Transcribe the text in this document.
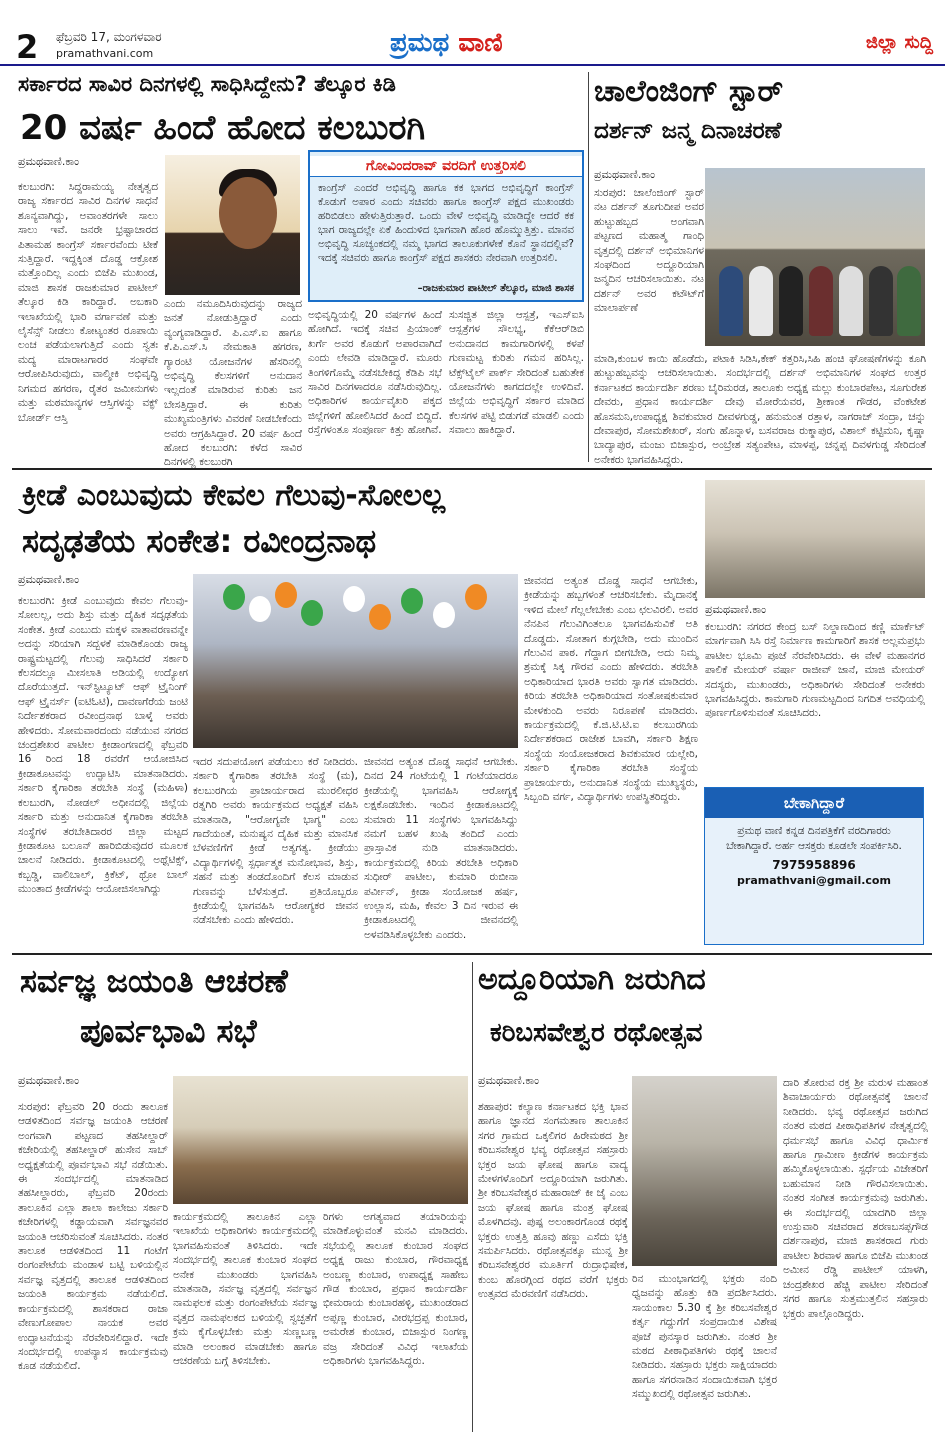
2 ಫೆಬ್ರವರಿ 17, ಮಂಗಳವಾರ
pramathvani.com	ಪ್ರಮಥ ವಾಣಿ	ಜಿಲ್ಲಾ ಸುದ್ದಿ
ಸರ್ಕಾರದ ಸಾವಿರ ದಿನಗಳಲ್ಲಿ ಸಾಧಿಸಿದ್ದೇನು? ತೆಲ್ಕೂರ ಕಿಡಿ
20 ವರ್ಷ ಹಿಂದೆ ಹೋದ ಕಲಬುರಗಿ
ಪ್ರಮಥವಾಣಿ.ಕಾಂ
ಕಲಬುರಗಿ: ಸಿದ್ದರಾಮಯ್ಯ ನೇತೃತ್ವದ ರಾಜ್ಯ ಸರ್ಕಾರದ ಸಾವಿರ ದಿನಗಳ ಸಾಧನೆ ಶೂನ್ಯವಾಗಿದ್ದು, ಅವಾಂತರಗಳೇ ಸಾಲು ಸಾಲು ಇವೆ. ಜನರೇ ಭ್ರಷ್ಟಾಚಾರದ ಪಿತಾಮಹ ಕಾಂಗ್ರೆಸ್ ಸರ್ಕಾರವೆಂದು ಟೀಕೆ ಸುತ್ತಿದ್ದಾರೆ. ಇದ್ದಕ್ಕಿಂತ ದೊಡ್ಡ ಆಕ್ರೋಶ ಮತ್ತೊಂದಿಲ್ಲ ಎಂದು ಬಿಜೆಪಿ ಮುಖಂಡ, ಮಾಜಿ ಶಾಸಕ ರಾಜಕುಮಾರ ಪಾಟೀಲ್ ತೆಲ್ಕೂರ ಕಿಡಿ ಕಾರಿದ್ದಾರೆ. ಅಬಕಾರಿ ಇಲಾಖೆಯಲ್ಲಿ ಭಾರಿ ವರ್ಗಾವಣೆ ಮತ್ತು ಲೈಸೆನ್ಸ್ ನೀಡಲು ಕೋಟ್ಯಂತರ ರೂಪಾಯಿ ಲಂಚ ಪಡೆಯಲಾಗುತ್ತಿದೆ ಎಂದು ಸ್ವತಃ ಮದ್ಯ ಮಾರಾಟಗಾರರ ಸಂಘವೇ ಆರೋಪಿಸಿರುವುದು, ವಾಲ್ಮೀಕಿ ಅಭಿವೃದ್ಧಿ ನಿಗಮದ ಹಗರಣ, ರೈತರ ಜಮೀನುಗಳು ಮತ್ತು ಮಠಮಾನ್ಯಗಳ ಆಸ್ತಿಗಳನ್ನು ವಕ್ಫ್ ಬೋರ್ಡ್ ಆಸ್ತಿ
ಎಂದು ನಮೂದಿಸಿರುವುದನ್ನು ರಾಜ್ಯದ ಜನತೆ ನೋಡುತ್ತಿದ್ದಾರೆ ಎಂದು ವ್ಯಂಗ್ಯವಾಡಿದ್ದಾರೆ. ಪಿ.ಎಸ್.ಐ ಹಾಗೂ ಕೆ.ಪಿ.ಎಸ್.ಸಿ ನೇಮಕಾತಿ ಹಗರಣ, ಗ್ಯಾರಂಟಿ ಯೋಜನೆಗಳ ಹೆಸರಿನಲ್ಲಿ ಅಭಿವೃದ್ಧಿ ಕೆಲಸಗಳಿಗೆ ಅನುದಾನ ಇಲ್ಲದಂತೆ ಮಾಡಿರುವ ಕುರಿತು ಜನ ಬೇಸತ್ತಿದ್ದಾರೆ. ಈ ಕುರಿತು ಮುಖ್ಯಮಂತ್ರಿಗಳು ವಿವರಣೆ ನೀಡಬೇಕೆಂದು ಅವರು ಆಗ್ರಹಿಸಿದ್ದಾರೆ. 20 ವರ್ಷ ಹಿಂದೆ ಹೋದ ಕಲಬುರಗಿ: ಕಳೆದ ಸಾವಿರ ದಿನಗಳಲ್ಲಿ ಕಲಬುರಗಿ
ಗೋವಿಂದರಾವ್ ವರದಿಗೆ ಉತ್ತರಿಸಲಿ
ಕಾಂಗ್ರೆಸ್ ಎಂದರೆ ಅಭಿವೃದ್ಧಿ ಹಾಗೂ ಕಕ ಭಾಗದ ಅಭಿವೃದ್ಧಿಗೆ ಕಾಂಗ್ರೆಸ್ ಕೊಡುಗೆ ಅಪಾರ ಎಂದು ಸಚಿವರು ಹಾಗೂ ಕಾಂಗ್ರೆಸ್ ಪಕ್ಷದ ಮುಖಂಡರು ಹರಿಬಿಡಲು ಹೇಳುತ್ತಿರುತ್ತಾರೆ. ಒಂದು ವೇಳೆ ಅಭಿವೃದ್ಧಿ ಮಾಡಿದ್ದೇ ಆದರೆ ಕಕ ಭಾಗ ರಾಜ್ಯದಲ್ಲೇ ಏಕೆ ಹಿಂದುಳಿದ ಭಾಗವಾಗಿ ಹೊರ ಹೊಮ್ಮುತ್ತಿತ್ತು. ಮಾನವ ಅಭಿವೃದ್ಧಿ ಸೂಚ್ಯಂಕದಲ್ಲಿ ನಮ್ಮ ಭಾಗದ ತಾಲೂಕುಗಳೇಕೆ ಕೊನೆ ಸ್ಥಾನದಲ್ಲಿವೆ? ಇದಕ್ಕೆ ಸಚಿವರು ಹಾಗೂ ಕಾಂಗ್ರೆಸ್ ಪಕ್ಷದ ಶಾಸಕರು ನೇರವಾಗಿ ಉತ್ತರಿಸಲಿ.
–ರಾಜಕುಮಾರ ಪಾಟೀಲ್ ತೆಲ್ಕೂರ, ಮಾಜಿ ಶಾಸಕ
ಅಭಿವೃದ್ಧಿಯಲ್ಲಿ 20 ವರ್ಷಗಳ ಹಿಂದೆ ಹೋಗಿದೆ. ಇದಕ್ಕೆ ಸಚಿವ ಪ್ರಿಯಾಂಕ್ ಖರ್ಗೆ ಅವರ ಕೊಡುಗೆ ಅಪಾರವಾಗಿದೆ ಎಂದು ಲೇವಡಿ ಮಾಡಿದ್ದಾರೆ. ಮೂರು ತಿಂಗಳಿಗೊಮ್ಮೆ ನಡೆಸಬೇಕಿದ್ದ ಕೆಡಿಪಿ ಸಭೆ ಸಾವಿರ ದಿನಗಳಾದರೂ ನಡೆಸಿರುವುದಿಲ್ಲ. ಅಧಿಕಾರಿಗಳ ಕಾರ್ಯವೈಖರಿ ಪಕ್ಕದ ಜಿಲ್ಲೆಗಳಿಗೆ ಹೋಲಿಸಿದರೆ ಹಿಂದೆ ಬಿದ್ದಿದೆ. ರಸ್ತೆಗಳಂತೂ ಸಂಪೂರ್ಣ ಕಿತ್ತು ಹೋಗಿವೆ.
ಸುಸಜ್ಜಿತ ಜಿಲ್ಲಾ ಆಸ್ಪತ್ರೆ, ಇಎಸ್ಐಸಿ ಆಸ್ಪತ್ರೆಗಳ ಸೌಲಭ್ಯ, ಕೆಕೆಆರ್‌ಡಿಬಿ ಅನುದಾನದ ಕಾಮಗಾರಿಗಳಲ್ಲಿ ಕಳಪೆ ಗುಣಮಟ್ಟ ಕುರಿತು ಗಮನ ಹರಿಸಿಲ್ಲ. ಟೆಕ್ಸ್‌ಟೈಲ್ ಪಾರ್ಕ್ ಸೇರಿದಂತೆ ಬಹುತೇಕ ಯೋಜನೆಗಳು ಕಾಗದದಲ್ಲೇ ಉಳಿದಿವೆ. ಜಿಲ್ಲೆಯ ಅಭಿವೃದ್ಧಿಗೆ ಸರ್ಕಾರ ಮಾಡಿದ ಕೆಲಸಗಳ ಪಟ್ಟಿ ಬಿಡುಗಡೆ ಮಾಡಲಿ ಎಂದು ಸವಾಲು ಹಾಕಿದ್ದಾರೆ.
ಚಾಲೆಂಜಿಂಗ್ ಸ್ಟಾರ್
ದರ್ಶನ್ ಜನ್ಮ ದಿನಾಚರಣೆ
ಪ್ರಮಥವಾಣಿ.ಕಾಂ
ಸುರಪುರ: ಚಾಲೆಂಜಿಂಗ್ ಸ್ಟಾರ್ ನಟ ದರ್ಶನ್ ತೂಗುದೀಪ ಅವರ ಹುಟ್ಟುಹಬ್ಬದ ಅಂಗವಾಗಿ ಪಟ್ಟಣದ ಮಹಾತ್ಮ ಗಾಂಧಿ ವೃತ್ತದಲ್ಲಿ ದರ್ಶನ್ ಅಭಿಮಾನಿಗಳ ಸಂಘದಿಂದ ಅದ್ದೂರಿಯಾಗಿ ಜನ್ಮದಿನ ಆಚರಿಸಲಾಯಿತು. ನಟ ದರ್ಶನ್ ಅವರ ಕಟೌಟ್‌ಗೆ ಮಾಲಾರ್ಪಣೆ
ಮಾಡಿ,ಕುಂಬಳ ಕಾಯಿ ಹೊಡೆದು, ಪಟಾಕಿ ಸಿಡಿಸಿ,ಕೇಕ್ ಕತ್ತರಿಸಿ,ಸಿಹಿ ಹಂಚಿ ಘೋಷಣೆಗಳನ್ನು ಕೂಗಿ ಹುಟ್ಟುಹಬ್ಬವನ್ನು ಆಚರಿಸಲಾಯಿತು. ಸಂದರ್ಭದಲ್ಲಿ ದರ್ಶನ್ ಅಭಿಮಾನಿಗಳ ಸಂಘದ ಉತ್ತರ ಕರ್ನಾಟಕದ ಕಾರ್ಯದರ್ಶಿ ಶರಣು ಬೈರಿಮರಡ, ತಾಲೂಕು ಅಧ್ಯಕ್ಷ ಮಲ್ಲು ಕುಂಬಾರಪೇಟ, ಸೂಗುರೇಶ ದೇವರು, ಪ್ರಧಾನ ಕಾರ್ಯದರ್ಶಿ ದೇವು ಮೋರೆಯವರ, ಶ್ರೀಕಾಂತ ಗೌಡರ, ವೆಂಕಟೇಶ ಹೊಸಮನಿ,ಉಪಾಧ್ಯಕ್ಷ ಶಿವಕುಮಾರ ದೀವಳಗುಡ್ಡ, ಹನುಮಂತ ರತ್ತಾಳ, ನಾಗರಾಜ್ ಸಂದ್ರಾ, ಚನ್ನು ದೇವಾಪುರ, ಸೋಮಶೇಖರ್, ಸಂಗು ಹೊನ್ನಾಳ, ಬಸವರಾಜ ರುಕ್ಮಾಪುರ, ವಿಶಾಲ್ ಕಟ್ಟಿಮನಿ, ಕೃಷ್ಣಾ ಬಾದ್ಯಾಪುರ, ಮಂಜು ಬಿಜಾಸ್ಪುರ, ಅಂಬ್ರೇಶ ಸತ್ಯಂಪೇಟ, ಮಾಳಪ್ಪ, ಚನ್ನಪ್ಪ ದಿವಳಗುಡ್ಡ ಸೇರಿದಂತೆ ಅನೇಕರು ಭಾಗವಹಿಸಿದ್ದರು.
ಕ್ರೀಡೆ ಎಂಬುವುದು ಕೇವಲ ಗೆಲುವು-ಸೋಲಲ್ಲ
ಸದೃಢತೆಯ ಸಂಕೇತ: ರವೀಂದ್ರನಾಥ
ಪ್ರಮಥವಾಣಿ.ಕಾಂ
ಕಲಬುರಗಿ: ಕ್ರೀಡೆ ಎಂಬುವುದು ಕೇವಲ ಗೆಲುವು-ಸೋಲಲ್ಲ, ಅದು ಶಿಸ್ತು ಮತ್ತು ದೈಹಿಕ ಸದೃಢತೆಯ ಸಂಕೇತ. ಕ್ರೀಡೆ ಎಂಬುದು ಮಕ್ಕಳ ವಾತಾವರಣವನ್ನೇ ಅದನ್ನು ಸರಿಯಾಗಿ ಸದ್ಬಳಕೆ ಮಾಡಿಕೊಂಡು ರಾಜ್ಯ ರಾಷ್ಟ್ರಮಟ್ಟದಲ್ಲಿ ಗೆಲುವು ಸಾಧಿಸಿದರೆ ಸರ್ಕಾರಿ ಕೆಲಸದಲ್ಲೂ ಮೀಸಲಾತಿ ಅಡಿಯಲ್ಲಿ ಉದ್ಯೋಗ ದೊರೆಯುತ್ತದೆ. ಇನ್‌ಸ್ಟಿಟ್ಯೂಟ್ ಆಫ್ ಟ್ರೈನಿಂಗ್ ಆಫ್ ಟ್ರೈನರ್ಸ್ (ಐಟಿಓಟಿ), ದಾವಣಗೆರೆಯ ಜಂಟಿ ನಿರ್ದೇಶಕರಾದ ರವೀಂದ್ರನಾಥ ಬಾಳ್ಕೆ ಅವರು ಹೇಳಿದರು. ಸೋಮವಾರದಂದು ನಡೆಯುವ ನಗರದ ಚಂದ್ರಶೇಖರ ಪಾಟೀಲ ಕ್ರೀಡಾಂಗಣದಲ್ಲಿ ಫೆಬ್ರವರಿ 16 ರಿಂದ 18 ರವರೆಗೆ ಆಯೋಜಿಸಿದ ಕ್ರೀಡಾಕೂಟವನ್ನು ಉದ್ಘಾಟಿಸಿ ಮಾತನಾಡಿದರು. ಸರ್ಕಾರಿ ಕೈಗಾರಿಕಾ ತರಬೇತಿ ಸಂಸ್ಥೆ (ಮಹಿಳಾ) ಕಲಬುರಗಿ, ನೋಡಲ್ ಅಧೀನದಲ್ಲಿ ಜಿಲ್ಲೆಯ ಸರ್ಕಾರಿ ಮತ್ತು ಅನುದಾನಿತ ಕೈಗಾರಿಕಾ ತರಬೇತಿ ಸಂಸ್ಥೆಗಳ ತರಬೇತಿದಾರರ ಜಿಲ್ಲಾ ಮಟ್ಟದ ಕ್ರೀಡಾಕೂಟ ಬಲೂನ್ ಹಾರಿಬಿಡುವುದರ ಮೂಲಕ ಚಾಲನೆ ನೀಡಿದರು. ಕ್ರೀಡಾಕೂಟದಲ್ಲಿ ಅಥ್ಲೆಟಿಕ್ಸ್, ಕಬ್ಬಡ್ಡಿ, ವಾಲಿಬಾಲ್, ಕ್ರಿಕೆಟ್, ಥ್ರೋ ಬಾಲ್ ಮುಂತಾದ ಕ್ರೀಡೆಗಳನ್ನು ಆಯೋಜಿಸಲಾಗಿದ್ದು
ಇದರ ಸದುಪಯೋಗ ಪಡೆಯಲು ಕರೆ ನೀಡಿದರು. ಸರ್ಕಾರಿ ಕೈಗಾರಿಕಾ ತರಬೇತಿ ಸಂಸ್ಥೆ (ಮ), ಕಲಬುರಗಿಯ ಪ್ರಾಚಾರ್ಯರಾದ ಮುರಲೀಧರ ರತ್ನಗಿರಿ ಅವರು ಕಾರ್ಯಕ್ರಮದ ಅಧ್ಯಕ್ಷತೆ ವಹಿಸಿ ಮಾತನಾಡಿ, "ಆರೋಗ್ಯವೇ ಭಾಗ್ಯ" ಎಂಬ ಗಾದೆಯಂತೆ, ಮನುಷ್ಯನ ದೈಹಿಕ ಮತ್ತು ಮಾನಸಿಕ ಬೆಳವಣಿಗೆಗೆ ಕ್ರೀಡೆ ಅತ್ಯಗತ್ಯ. ಕ್ರೀಡೆಯು ವಿದ್ಯಾರ್ಥಿಗಳಲ್ಲಿ ಸ್ಪರ್ಧಾತ್ಮಕ ಮನೋಭಾವ, ಶಿಸ್ತು, ಸಹನೆ ಮತ್ತು ತಂಡದೊಂದಿಗೆ ಕೆಲಸ ಮಾಡುವ ಗುಣವನ್ನು ಬೆಳೆಸುತ್ತದೆ. ಪ್ರತಿಯೊಬ್ಬರೂ ಕ್ರೀಡೆಯಲ್ಲಿ ಭಾಗವಹಿಸಿ ಆರೋಗ್ಯಕರ ಜೀವನ ನಡೆಸಬೇಕು ಎಂದು ಹೇಳಿದರು.
ಜೀವನದ ಅತ್ಯಂತ ದೊಡ್ಡ ಸಾಧನೆ ಆಗಬೇಕು. ದಿನದ 24 ಗಂಟೆಯಲ್ಲಿ 1 ಗಂಟೆಯಾದರೂ ಕ್ರೀಡೆಯಲ್ಲಿ ಭಾಗವಹಿಸಿ ಆರೋಗ್ಯಕ್ಕೆ ಲಕ್ಷಕೊಡಬೇಕು. ಇಂದಿನ ಕ್ರೀಡಾಕೂಟದಲ್ಲಿ ಸುಮಾರು 11 ಸಂಸ್ಥೆಗಳು ಭಾಗವಹಿಸಿದ್ದು ನಮಗೆ ಬಹಳ ಖುಷಿ ತಂದಿದೆ ಎಂದು ಪ್ರಾಸ್ತಾವಿಕ ನುಡಿ ಮಾತನಾಡಿದರು. ಕಾರ್ಯಕ್ರಮದಲ್ಲಿ ಕಿರಿಯ ತರಬೇತಿ ಅಧಿಕಾರಿ ಸುಧೀರ್ ಪಾಟೀಲ, ಕುಮಾರಿ ರುಬೀನಾ ಪರ್ವೀನ್, ಕ್ರೀಡಾ ಸಂಯೋಜಕ ಹರ್ಷ, ಉಲ್ಲಾಸ, ಮಹಿ, ಕೇವಲ 3 ದಿನ ಇರುವ ಈ ಕ್ರೀಡಾಕೂಟದಲ್ಲಿ ಜೀವನದಲ್ಲಿ ಅಳವಡಿಸಿಕೊಳ್ಳಬೇಕು ಎಂದರು.
ಜೀವನದ ಅತ್ಯಂತ ದೊಡ್ಡ ಸಾಧನೆ ಆಗಬೇಕು, ಕ್ರೀಡೆಯನ್ನು ಹಬ್ಬಗಳಂತೆ ಆಚರಿಸಬೇಕು. ಮೈದಾನಕ್ಕೆ ಇಳಿದ ಮೇಲೆ ಗೆಲ್ಲಲೇಬೇಕು ಎಂಬ ಛಲವಿರಲಿ. ಅವರ ನೆನಪಿನ ಗೆಲುವಿಗಿಂತಲೂ ಭಾಗವಹಿಸುವಿಕೆ ಅತಿ ದೊಡ್ಡದು. ಸೋತಾಗ ಕುಗ್ಗಬೇಡಿ, ಅದು ಮುಂದಿನ ಗೆಲುವಿನ ಪಾಠ. ಗೆದ್ದಾಗ ಬೀಗಬೇಡಿ, ಅದು ನಿಮ್ಮ ಶ್ರಮಕ್ಕೆ ಸಿಕ್ಕ ಗೌರವ ಎಂದು ಹೇಳಿದರು. ತರಬೇತಿ ಅಧಿಕಾರಿಯಾದ ಭಾರತಿ ಅವರು ಸ್ವಾಗತ ಮಾಡಿದರು. ಕಿರಿಯ ತರಬೇತಿ ಅಧಿಕಾರಿಯಾದ ಸಂತೋಷಕುಮಾರ ಮೇಳಕುಂದಿ ಅವರು ನಿರೂಪಣೆ ಮಾಡಿದರು. ಕಾರ್ಯಕ್ರಮದಲ್ಲಿ ಕೆ.ಜಿ.ಟಿ.ಟಿ.ಐ ಕಲಬುರಗಿಯ ನಿರ್ದೇಶಕರಾದ ರಾಜೇಶ ಬಾವಗಿ, ಸರ್ಕಾರಿ ಶಿಕ್ಷಣ ಸಂಸ್ಥೆಯ ಸಂಯೋಜಕರಾದ ಶಿವಕುಮಾರ ಯಲ್ಲೇರಿ, ಸರ್ಕಾರಿ ಕೈಗಾರಿಕಾ ತರಬೇತಿ ಸಂಸ್ಥೆಯ ಪ್ರಾಚಾರ್ಯರು, ಅನುದಾನಿತ ಸಂಸ್ಥೆಯ ಮುಖ್ಯಸ್ಥರು, ಸಿಬ್ಬಂದಿ ವರ್ಗ, ವಿದ್ಯಾರ್ಥಿಗಳು ಉಪಸ್ಥಿತರಿದ್ದರು.
ಪ್ರಮಥವಾಣಿ.ಕಾಂ
ಕಲಬುರಗಿ: ನಗರದ ಕೇಂದ್ರ ಬಸ್ ನಿಲ್ದಾಣದಿಂದ ಕಣ್ಣಿ ಮಾರ್ಕೆಟ್ ಮಾರ್ಗವಾಗಿ ಸಿಸಿ ರಸ್ತೆ ನಿರ್ಮಾಣ ಕಾಮಗಾರಿಗೆ ಶಾಸಕ ಅಲ್ಲಮಪ್ರಭು ಪಾಟೀಲ ಭೂಮಿ ಪೂಜೆ ನೆರವೇರಿಸಿದರು. ಈ ವೇಳೆ ಮಹಾನಗರ ಪಾಲಿಕೆ ಮೇಯರ್ ವರ್ಷಾ ರಾಜೀವ್ ಜಾನೆ, ಮಾಜಿ ಮೇಯರ್ ಸದಸ್ಯರು, ಮುಖಂಡರು, ಅಧಿಕಾರಿಗಳು ಸೇರಿದಂತೆ ಅನೇಕರು ಭಾಗವಹಿಸಿದ್ದರು. ಕಾಮಗಾರಿ ಗುಣಮಟ್ಟದಿಂದ ನಿಗದಿತ ಅವಧಿಯಲ್ಲಿ ಪೂರ್ಣಗೊಳಿಸುವಂತೆ ಸೂಚಿಸಿದರು.
ಬೇಕಾಗಿದ್ದಾರೆ
ಪ್ರಮಥ ವಾಣಿ ಕನ್ನಡ ದಿನಪತ್ರಿಕೆಗೆ ವರದಿಗಾರರು ಬೇಕಾಗಿದ್ದಾರೆ. ಅರ್ಹ ಆಸಕ್ತರು ಕೂಡಲೇ ಸಂಪರ್ಕಿಸಿರಿ.
7975958896
pramathvani@gmail.com
ಸರ್ವಜ್ಞ ಜಯಂತಿ ಆಚರಣೆ
ಪೂರ್ವಭಾವಿ ಸಭೆ
ಪ್ರಮಥವಾಣಿ.ಕಾಂ
ಸುರಪುರ: ಫೆಬ್ರವರಿ 20 ರಂದು ತಾಲೂಕ ಆಡಳಿತದಿಂದ ಸರ್ವಜ್ಞ ಜಯಂತಿ ಆಚರಣೆ ಅಂಗವಾಗಿ ಪಟ್ಟಣದ ತಹಸೀಲ್ದಾರ್ ಕಚೇರಿಯಲ್ಲಿ ತಹಸೀಲ್ದಾರ್ ಹುಸೇನ ಸಾಬ್ ಅಧ್ಯಕ್ಷತೆಯಲ್ಲಿ ಪೂರ್ವಭಾವಿ ಸಭೆ ನಡೆಯಿತು. ಈ ಸಂದರ್ಭದಲ್ಲಿ ಮಾತನಾಡಿದ ತಹಸೀಲ್ದಾರರು, ಫೆಬ್ರವರಿ 20ರಂದು ತಾಲೂಕಿನ ಎಲ್ಲಾ ಶಾಲಾ ಕಾಲೇಜು ಸರ್ಕಾರಿ ಕಚೇರಿಗಳಲ್ಲಿ ಕಡ್ಡಾಯವಾಗಿ ಸರ್ವಜ್ಞನವರ ಜಯಂತಿ ಆಚರಿಸುವಂತೆ ಸೂಚಿಸಿದರು. ನಂತರ ತಾಲೂಕ ಆಡಳಿತದಿಂದ 11 ಗಂಟೆಗೆ ರಂಗಂಪೇಟೆಯ ಮಂಡಾಳ ಬಟ್ಟಿ ಬಳಿಯಲ್ಲಿನ ಸರ್ವಜ್ಞ ವೃತ್ತದಲ್ಲಿ ತಾಲೂಕ ಆಡಳಿತದಿಂದ ಜಯಂತಿ ಕಾರ್ಯಕ್ರಮ ನಡೆಯಲಿದೆ. ಕಾರ್ಯಕ್ರಮದಲ್ಲಿ ಶಾಸಕರಾದ ರಾಜಾ ವೇಣುಗೋಪಾಲ ನಾಯಕ ಅವರ ಉದ್ಘಾಟನೆಯನ್ನು ನೆರವೇರಿಸಲಿದ್ದಾರೆ. ಇದೇ ಸಂದರ್ಭದಲ್ಲಿ ಉಪನ್ಯಾಸ ಕಾರ್ಯಕ್ರಮವು ಕೂಡ ನಡೆಯಲಿದೆ.
ಕಾರ್ಯಕ್ರಮದಲ್ಲಿ ತಾಲೂಕಿನ ಎಲ್ಲಾ ಇಲಾಖೆಯ ಅಧಿಕಾರಿಗಳು ಕಾರ್ಯಕ್ರಮದಲ್ಲಿ ಭಾಗವಹಿಸುವಂತೆ ತಿಳಿಸಿದರು. ಇದೇ ಸಂದರ್ಭದಲ್ಲಿ ತಾಲೂಕ ಕುಂಬಾರ ಸಂಘದ ಅನೇಕ ಮುಖಂಡರು ಭಾಗವಹಿಸಿ ಮಾತನಾಡಿ, ಸರ್ವಜ್ಞ ವೃತ್ತದಲ್ಲಿ ಸರ್ವಜ್ಞನ ನಾಮಫಲಕ ಮತ್ತು ರಂಗಂಪೇಟೆಯ ಸರ್ವಜ್ಞ ವೃತ್ತದ ನಾಮಫಲಕದ ಬಳಿಯಲ್ಲಿ ಸ್ವಚ್ಛತೆಗೆ ಕ್ರಮ ಕೈಗೊಳ್ಳಬೇಕು ಮತ್ತು ಸುಣ್ಣಬಣ್ಣ ಮಾಡಿ ಅಲಂಕಾರ ಮಾಡಬೇಕು ಹಾಗೂ ಆಚರಣೆಯ ಬಗ್ಗೆ ತಿಳಿಸಬೇಕು.
ರಿಗಳು ಅಗತ್ಯವಾದ ತಯಾರಿಯನ್ನು ಮಾಡಿಕೊಳ್ಳುವಂತೆ ಮನವಿ ಮಾಡಿದರು. ಸಭೆಯಲ್ಲಿ ತಾಲೂಕ ಕುಂಬಾರ ಸಂಘದ ಅಧ್ಯಕ್ಷ ರಾಜು ಕುಂಬಾರ, ಗೌರವಾಧ್ಯಕ್ಷ ಅಂಬಣ್ಣ ಕುಂಬಾರ, ಉಪಾಧ್ಯಕ್ಷ ಸಾಹೇಬ ಗೌಡ ಕುಂಬಾರ, ಪ್ರಧಾನ ಕಾರ್ಯದರ್ಶಿ ಭೀಮರಾಯ ಕುಂಬಾರಹಳ್ಳಿ, ಮುಖಂಡರಾದ ಅಪ್ಪಣ್ಣ ಕುಂಬಾರ, ವೀರಭದ್ರಪ್ಪ ಕುಂಬಾರ, ಅಮರೇಶ ಕುಂಬಾರ, ಬಿಜಾಸ್ಪುರ ನಿಂಗಣ್ಣ ವಜ್ರ ಸೇರಿದಂತೆ ವಿವಿಧ ಇಲಾಖೆಯ ಅಧಿಕಾರಿಗಳು ಭಾಗವಹಿಸಿದ್ದರು.
ಅದ್ದೂರಿಯಾಗಿ ಜರುಗಿದ
ಕರಿಬಸವೇಶ್ವರ ರಥೋತ್ಸವ
ಪ್ರಮಥವಾಣಿ.ಕಾಂ
ಶಹಾಪುರ: ಕಲ್ಯಾಣ ಕರ್ನಾಟಕದ ಭಕ್ತಿ ಭಾವ ಹಾಗೂ ಜ್ಞಾನದ ಸಂಗಮತಾಣ ತಾಲೂಕಿನ ಸಗರ ಗ್ರಾಮದ ಒಕ್ಕಲಿಗರ ಹಿರೇಮಠದ ಶ್ರೀ ಕರಿಬಸವೇಶ್ವರ ಭವ್ಯ ರಥೋತ್ಸವ ಸಹಸ್ರಾರು ಭಕ್ತರ ಜಯ ಘೋಷ ಹಾಗೂ ವಾದ್ಯ ಮೇಳಗಳೊಂದಿಗೆ ಅದ್ದೂರಿಯಾಗಿ ಜರುಗಿತು. ಶ್ರೀ ಕರಿಬಸವೇಶ್ವರ ಮಹಾರಾಜ್ ಕೀ ಜೈ ಎಂಬ ಜಯ ಘೋಷ ಹಾಗೂ ಮಂತ್ರ ಘೋಷ ಮೊಳಗಿದವು. ಪುಷ್ಪ ಅಲಂಕಾರಗೊಂಡ ರಥಕ್ಕೆ ಭಕ್ತರು ಉತ್ತತ್ತಿ ಹೂವು ಹಣ್ಣು ಎಸೆದು ಭಕ್ತಿ ಸಮರ್ಪಿಸಿದರು. ರಥೋತ್ಸವಕ್ಕೂ ಮುನ್ನ ಶ್ರೀ ಕರಿಬಸವೇಶ್ವರರ ಮೂರ್ತಿಗೆ ರುದ್ರಾಭಿಷೇಕ, ಕುಂಬ ಹೊರಗ್ಗಿಂದ ರಥದ ವರೆಗೆ ಭಕ್ತರು ಉತ್ಸವದ ಮೆರವಣಿಗೆ ನಡೆಸಿದರು.
ರಿನ ಮುಂಭಾಗದಲ್ಲಿ ಭಕ್ತರು ನಂದಿ ಧ್ವಜವನ್ನು ಹೊತ್ತು ಕಿಡಿ ಪ್ರದರ್ಶಿಸಿದರು. ಸಾಯಂಕಾಲ 5.30 ಕ್ಕೆ ಶ್ರೀ ಕರಿಬಸವೇಶ್ವರ ಕರ್ತೃ ಗದ್ದುಗೆಗೆ ಸಂಪ್ರದಾಯಿಕ ವಿಶೇಷ ಪೂಜೆ ಪುನಸ್ಕಾರ ಜರುಗಿತು. ನಂತರ ಶ್ರೀ ಮಠದ ಪೀಠಾಧಿಪತಿಗಳು ರಥಕ್ಕೆ ಚಾಲನೆ ನೀಡಿದರು. ಸಹಸ್ರಾರು ಭಕ್ತರು ಸಾಕ್ಷಿಯಾದರು ಹಾಗೂ ಸಗರನಾಡಿನ ಸಂದಾಯಿಕವಾಗಿ ಭಕ್ತರ ಸಮ್ಮುಖದಲ್ಲಿ ರಥೋತ್ಸವ ಜರುಗಿತು.
ದಾರಿ ತೋರುವ ರಕ್ತ ಶ್ರೀ ಮರುಳ ಮಹಾಂತ ಶಿವಾಚಾರ್ಯರು ರಥೋತ್ಸವಕ್ಕೆ ಚಾಲನೆ ನೀಡಿದರು. ಭವ್ಯ ರಥೋತ್ಸವ ಜರುಗಿದ ನಂತರ ಮಠದ ಪೀಠಾಧಿಪತಿಗಳ ನೇತೃತ್ವದಲ್ಲಿ ಧರ್ಮಸಭೆ ಹಾಗೂ ವಿವಿಧ ಧಾರ್ಮಿಕ ಹಾಗೂ ಗ್ರಾಮೀಣ ಕ್ರೀಡೆಗಳ ಕಾರ್ಯಕ್ರಮ ಹಮ್ಮಿಕೊಳ್ಳಲಾಯಿತು. ಸ್ಪರ್ಧೆಯ ವಿಜೇತರಿಗೆ ಬಹುಮಾನ ನೀಡಿ ಗೌರವಿಸಲಾಯಿತು. ನಂತರ ಸಂಗೀತ ಕಾರ್ಯಕ್ರಮವು ಜರುಗಿತು. ಈ ಸಂದರ್ಭದಲ್ಲಿ ಯಾದಗಿರಿ ಜಿಲ್ಲಾ ಉಸ್ತುವಾರಿ ಸಚಿವರಾದ ಶರಣಬಸಪ್ಪಗೌಡ ದರ್ಶನಾಪುರ, ಮಾಜಿ ಶಾಸಕರಾದ ಗುರು ಪಾಟೀಲ ಶಿರವಾಳ ಹಾಗೂ ಬಿಜೆಪಿ ಮುಖಂಡ ಅಮೀನ ರೆಡ್ಡಿ ಪಾಟೀಲ್ ಯಾಳಗಿ, ಚಂದ್ರಶೇಖರ ಹೆಚ್ಚಿ ಪಾಟೀಲ ಸೇರಿದಂತೆ ಸಗರ ಹಾಗೂ ಸುತ್ತಮುತ್ತಲಿನ ಸಹಸ್ರಾರು ಭಕ್ತರು ಪಾಲ್ಗೊಂಡಿದ್ದರು.
